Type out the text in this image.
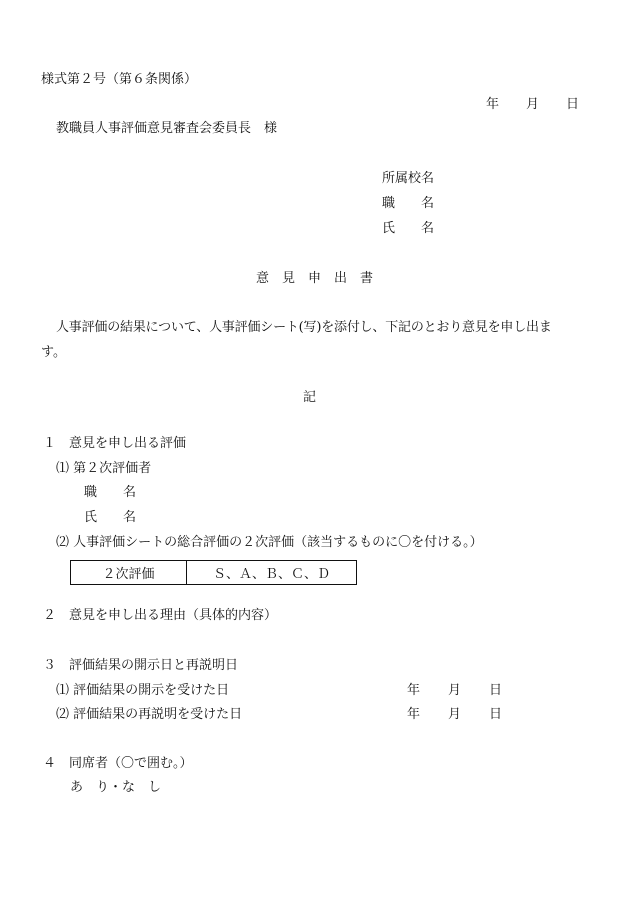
様式第２号（第６条関係）
年 月 日
教職員人事評価意見審査会委員長　様
所属校名
職　　名
氏　　名
意　見　申　出　書
人事評価の結果について、人事評価シート(写)を添付し、下記のとおり意見を申し出ま
す。
記
１　意見を申し出る評価
⑴ 第２次評価者
職　　名
氏　　名
⑵ 人事評価シートの総合評価の２次評価（該当するものに〇を付ける。）
２次評価	Ｓ、Ａ、Ｂ、Ｃ、Ｄ
２　意見を申し出る理由（具体的内容）
３　評価結果の開示日と再説明日
⑴ 評価結果の開示を受けた日	年 月 日
⑵ 評価結果の再説明を受けた日	年 月 日
４　同席者（〇で囲む。）
あ　り・な　し
